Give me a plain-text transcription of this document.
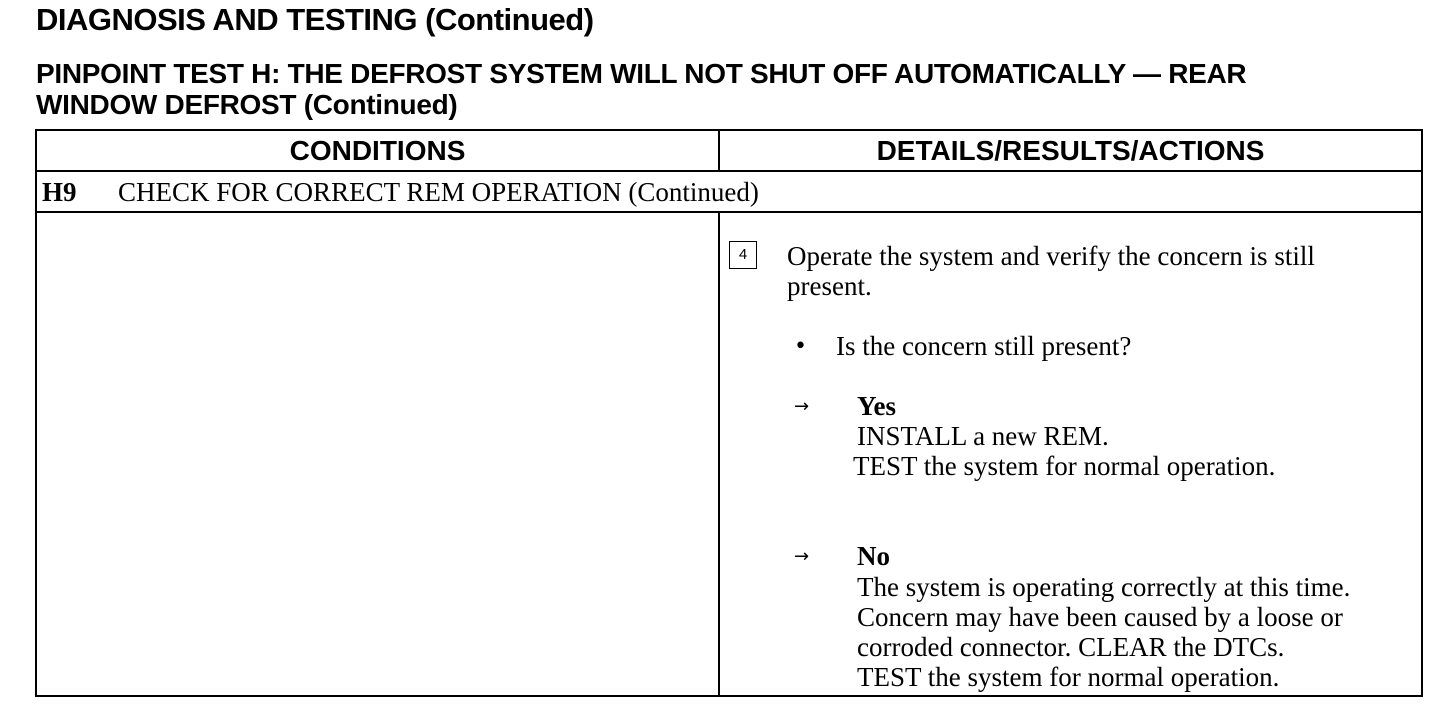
DIAGNOSIS AND TESTING (Continued)
PINPOINT TEST H: THE DEFROST SYSTEM WILL NOT SHUT OFF AUTOMATICALLY — REAR
WINDOW DEFROST (Continued)
CONDITIONS	DETAILS/RESULTS/ACTIONS
H9 CHECK FOR CORRECT REM OPERATION (Continued)
4	Operate the system and verify the concern is still
present.
• Is the concern still present?
→ Yes
INSTALL a new REM.
TEST the system for normal operation.
→ No
The system is operating correctly at this time.
Concern may have been caused by a loose or
corroded connector. CLEAR the DTCs.
TEST the system for normal operation.
